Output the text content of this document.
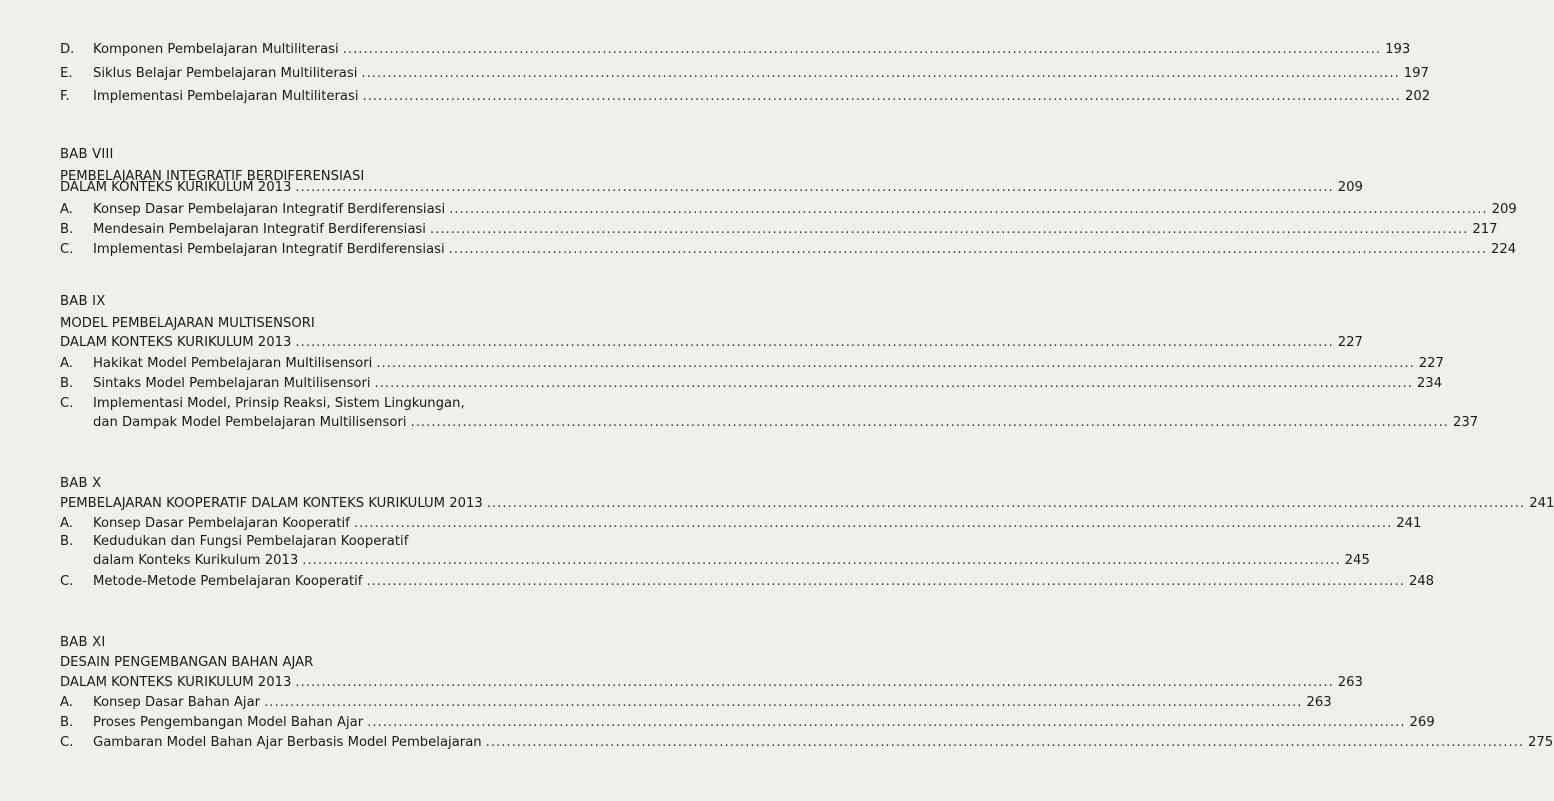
D.	Komponen Pembelajaran Multiliterasi .....	193
E.	Siklus Belajar Pembelajaran Multiliterasi .....	197
F.	Implementasi Pembelajaran Multiliterasi .....	202
BAB VIII
PEMBELAJARAN INTEGRATIF BERDIFERENSIASI
DALAM KONTEKS KURIKULUM 2013 .....	209
A.	Konsep Dasar Pembelajaran Integratif Berdiferensiasi .....	209
B.	Mendesain Pembelajaran Integratif Berdiferensiasi .....	217
C.	Implementasi Pembelajaran Integratif Berdiferensiasi .....	224
BAB IX
MODEL PEMBELAJARAN MULTISENSORI
DALAM KONTEKS KURIKULUM 2013 .....	227
A.	Hakikat Model Pembelajaran Multilisensori .....	227
B.	Sintaks Model Pembelajaran Multilisensori .....	234
C.	Implementasi Model, Prinsip Reaksi, Sistem Lingkungan,
dan Dampak Model Pembelajaran Multilisensori .....	237
BAB X
PEMBELAJARAN KOOPERATIF DALAM KONTEKS KURIKULUM 2013 .....	241
A.	Konsep Dasar Pembelajaran Kooperatif .....	241
B.	Kedudukan dan Fungsi Pembelajaran Kooperatif
dalam Konteks Kurikulum 2013 .....	245
C.	Metode-Metode Pembelajaran Kooperatif .....	248
BAB XI
DESAIN PENGEMBANGAN BAHAN AJAR
DALAM KONTEKS KURIKULUM 2013 .....	263
A.	Konsep Dasar Bahan Ajar .....	263
B.	Proses Pengembangan Model Bahan Ajar .....	269
C.	Gambaran Model Bahan Ajar Berbasis Model Pembelajaran .....	275
